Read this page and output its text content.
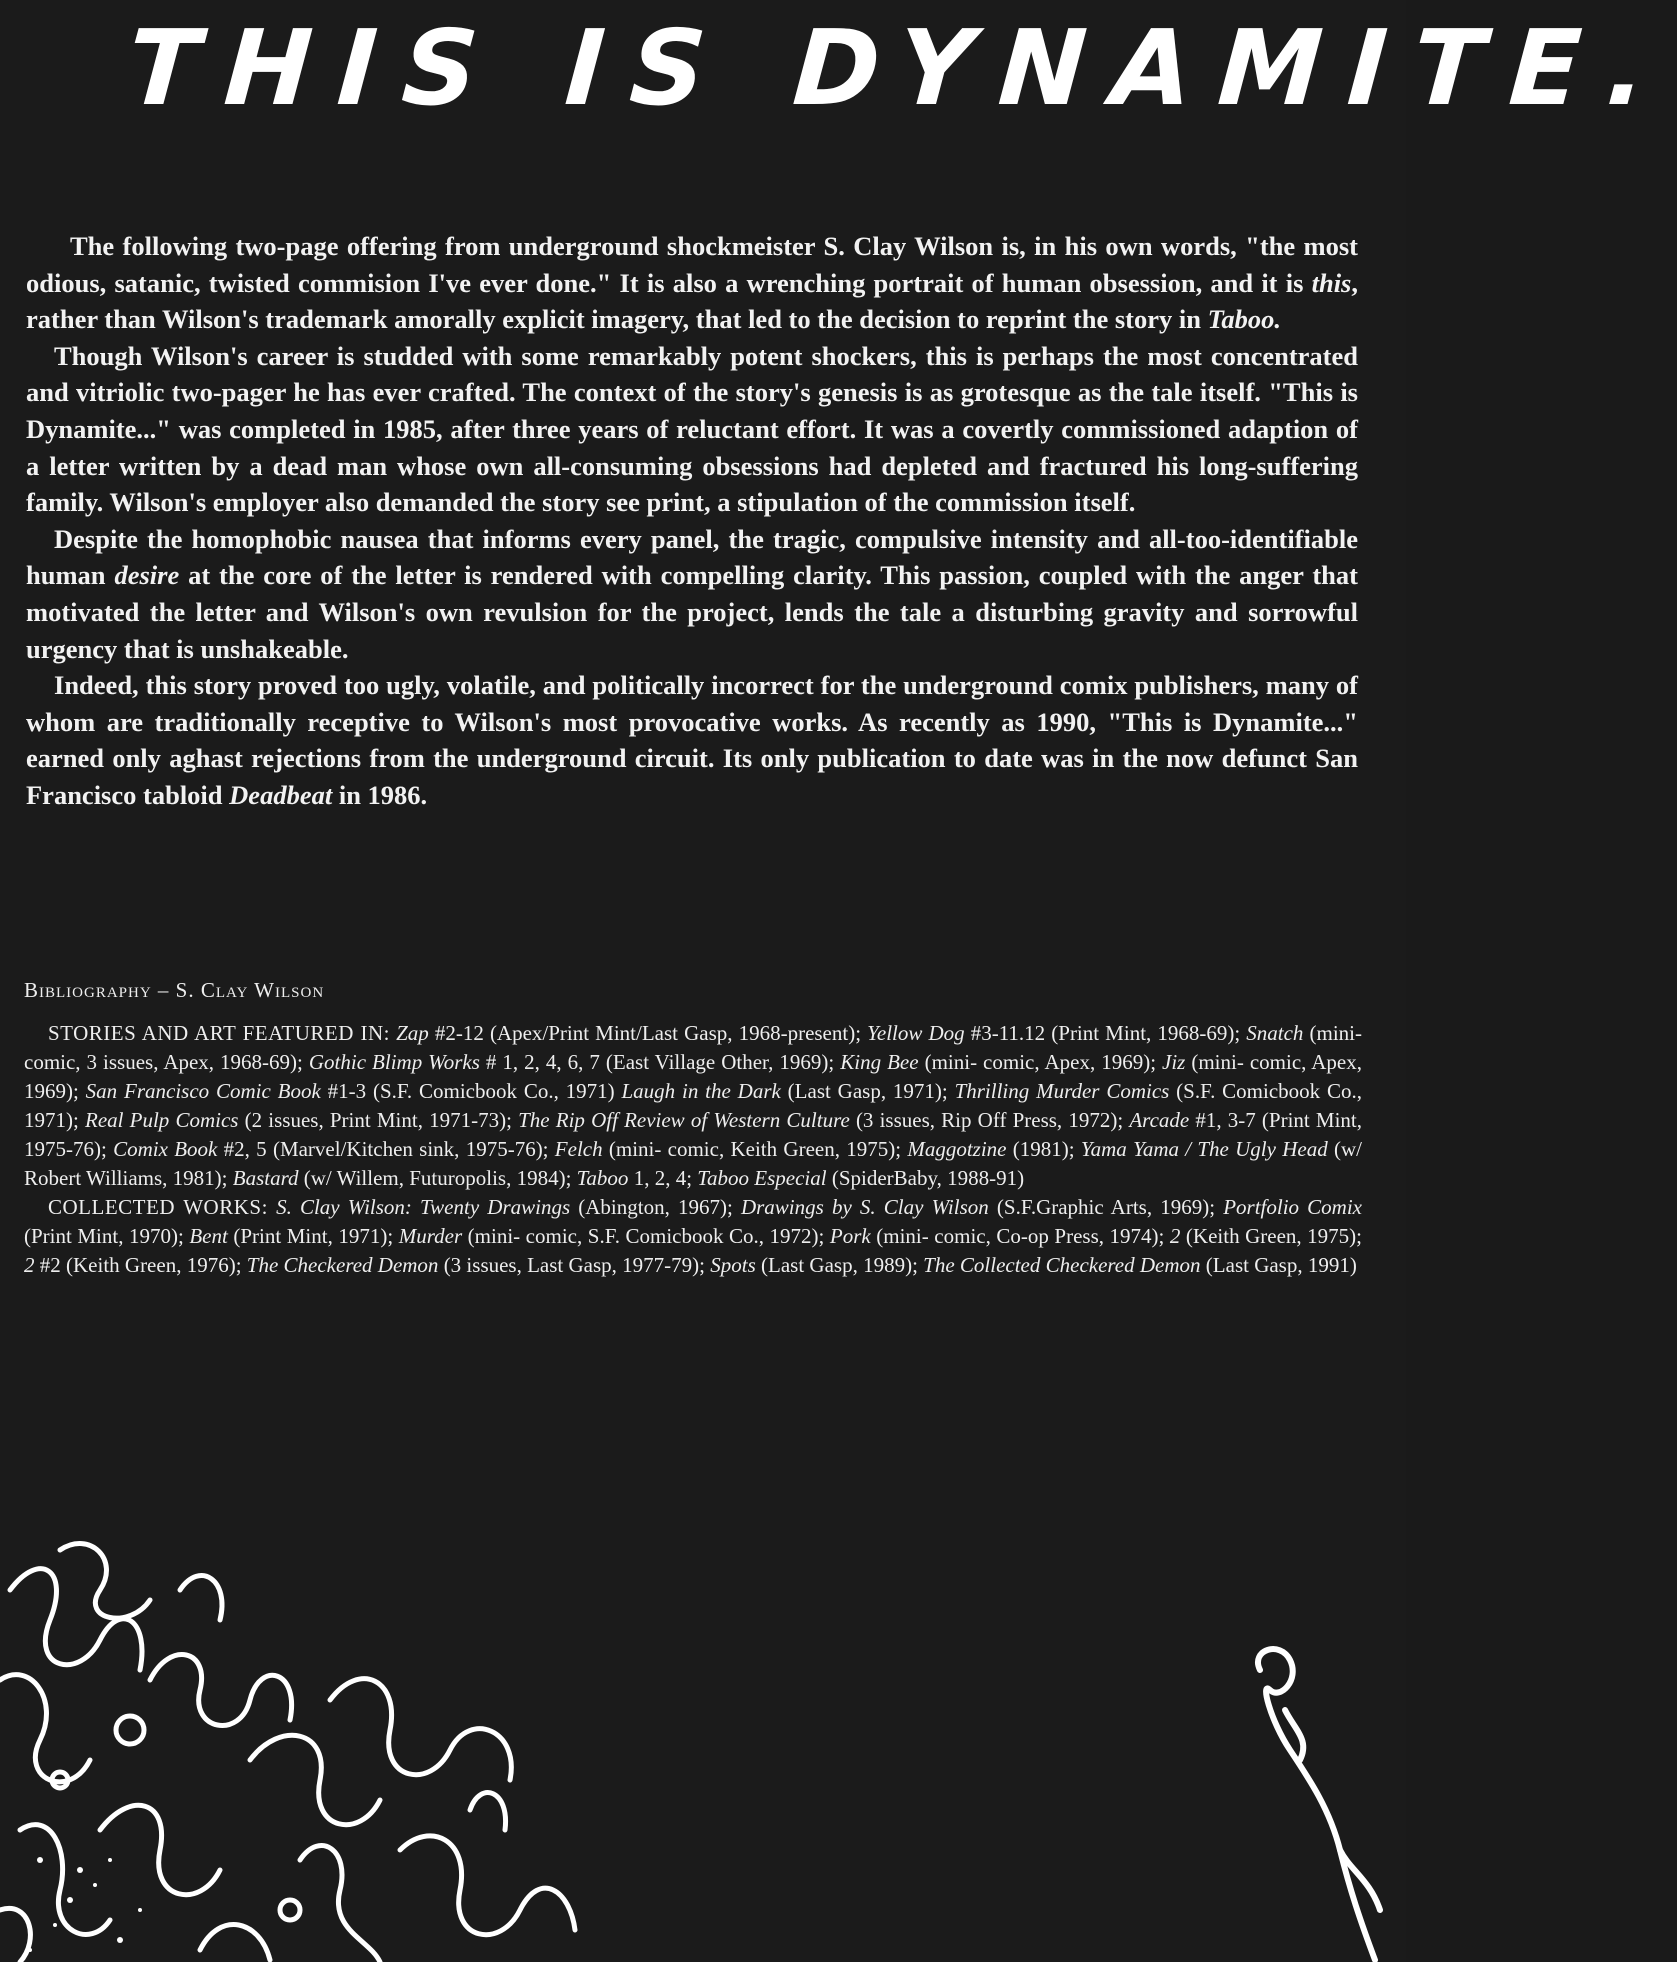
THIS IS DYNAMITE.

The following two-page offering from underground shockmeister S. Clay Wilson is, in his own words, "the most odious, satanic, twisted commision I've ever done." It is also a wrenching portrait of human obsession, and it is this, rather than Wilson's trademark amorally explicit imagery, that led to the decision to reprint the story in Taboo.

Though Wilson's career is studded with some remarkably potent shockers, this is perhaps the most concentrated and vitriolic two-pager he has ever crafted. The context of the story's genesis is as grotesque as the tale itself. "This is Dynamite..." was completed in 1985, after three years of reluctant effort. It was a covertly commissioned adaption of a letter written by a dead man whose own all-consuming obsessions had depleted and fractured his long-suffering family. Wilson's employer also demanded the story see print, a stipulation of the commission itself.

Despite the homophobic nausea that informs every panel, the tragic, compulsive intensity and all-too-identifiable human desire at the core of the letter is rendered with compelling clarity. This passion, coupled with the anger that motivated the letter and Wilson's own revulsion for the project, lends the tale a disturbing gravity and sorrowful urgency that is unshakeable.

Indeed, this story proved too ugly, volatile, and politically incorrect for the underground comix publishers, many of whom are traditionally receptive to Wilson's most provocative works. As recently as 1990, "This is Dynamite..." earned only aghast rejections from the underground circuit. Its only publication to date was in the now defunct San Francisco tabloid Deadbeat in 1986.

Bibliography – S. Clay Wilson

STORIES AND ART FEATURED IN: Zap #2-12 (Apex/Print Mint/Last Gasp, 1968-present); Yellow Dog #3-11.12 (Print Mint, 1968-69); Snatch (mini- comic, 3 issues, Apex, 1968-69); Gothic Blimp Works # 1, 2, 4, 6, 7 (East Village Other, 1969); King Bee (mini- comic, Apex, 1969); Jiz (mini- comic, Apex, 1969); San Francisco Comic Book #1-3 (S.F. Comicbook Co., 1971) Laugh in the Dark (Last Gasp, 1971); Thrilling Murder Comics (S.F. Comicbook Co., 1971); Real Pulp Comics (2 issues, Print Mint, 1971-73); The Rip Off Review of Western Culture (3 issues, Rip Off Press, 1972); Arcade #1, 3-7 (Print Mint, 1975-76); Comix Book #2, 5 (Marvel/Kitchen sink, 1975-76); Felch (mini- comic, Keith Green, 1975); Maggotzine (1981); Yama Yama / The Ugly Head (w/ Robert Williams, 1981); Bastard (w/ Willem, Futuropolis, 1984); Taboo 1, 2, 4; Taboo Especial (SpiderBaby, 1988-91)

COLLECTED WORKS: S. Clay Wilson: Twenty Drawings (Abington, 1967); Drawings by S. Clay Wilson (S.F.Graphic Arts, 1969); Portfolio Comix (Print Mint, 1970); Bent (Print Mint, 1971); Murder (mini- comic, S.F. Comicbook Co., 1972); Pork (mini- comic, Co-op Press, 1974); 2 (Keith Green, 1975); 2 #2 (Keith Green, 1976); The Checkered Demon (3 issues, Last Gasp, 1977-79); Spots (Last Gasp, 1989); The Collected Checkered Demon (Last Gasp, 1991)
